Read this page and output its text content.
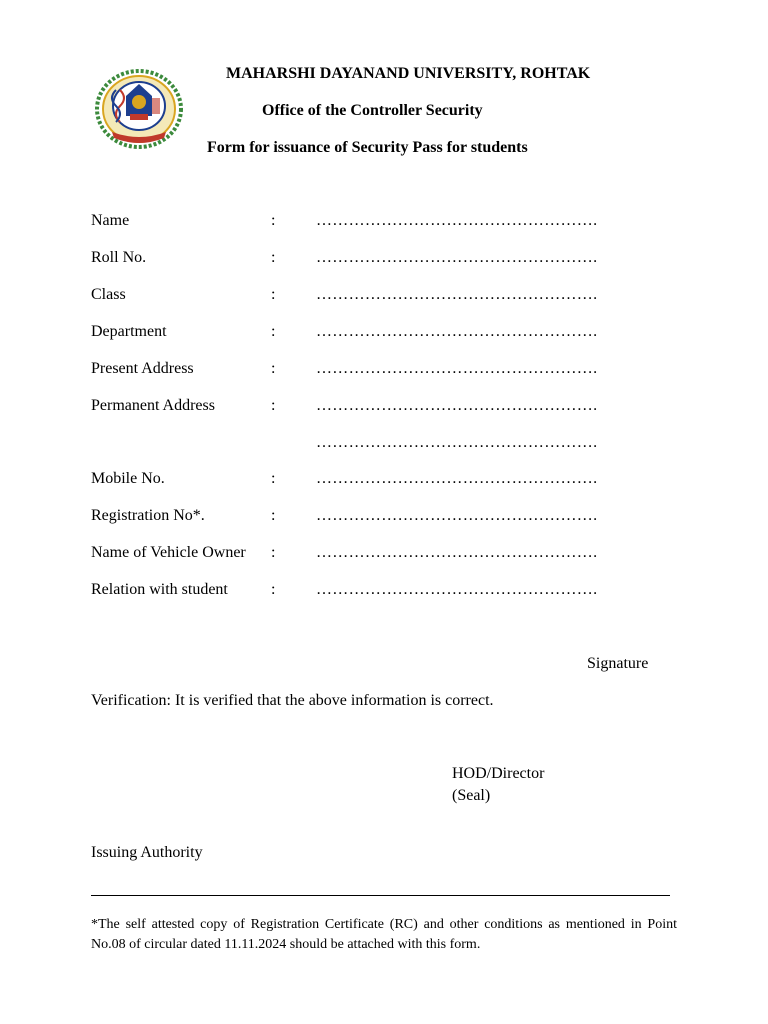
MAHARSHI DAYANAND UNIVERSITY, ROHTAK
Office of the Controller Security
Form for issuance of Security Pass for students
Name	:	…………………………………………….
Roll No.	:	…………………………………………….
Class	:	…………………………………………….
Department	:	…………………………………………….
Present Address	:	…………………………………………….
Permanent Address	:	…………………………………………….
…………………………………………….
Mobile No.	:	…………………………………………….
Registration No*.	:	…………………………………………….
Name of Vehicle Owner :	…………………………………………….
Relation with student	:	…………………………………………….
Signature
Verification: It is verified that the above information is correct.
HOD/Director
(Seal)
Issuing Authority
*The self attested copy of Registration Certificate (RC) and other conditions as mentioned in Point No.08 of circular dated 11.11.2024 should be attached with this form.
